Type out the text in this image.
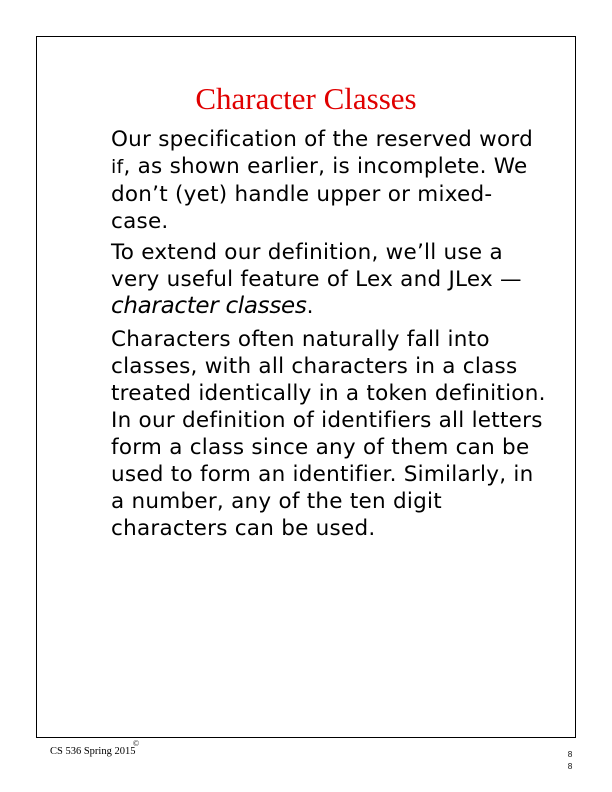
Character Classes

Our specification of the reserved word if, as shown earlier, is incomplete. We don’t (yet) handle upper or mixed- case.

To extend our definition, we’ll use a very useful feature of Lex and JLex —character classes.

Characters often naturally fall into classes, with all characters in a class treated identically in a token definition. In our definition of identifiers all letters form a class since any of them can be used to form an identifier. Similarly, in a number, any of the ten digit characters can be used.

CS 536 Spring 2015
©
8
8
